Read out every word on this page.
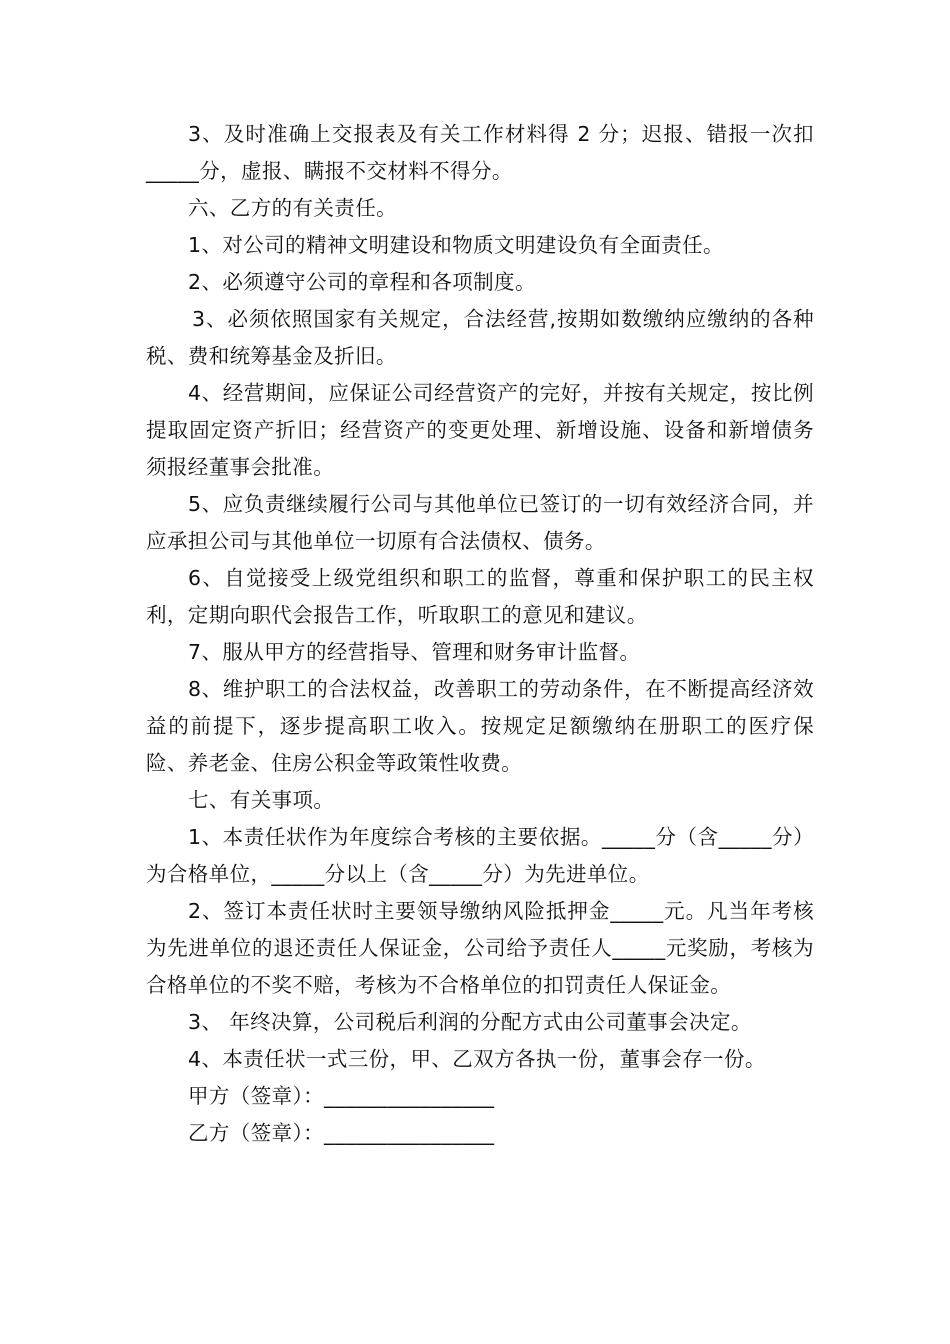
3、及时准确上交报表及有关工作材料得 2 分；迟报、错报一次扣_____分，虚报、瞒报不交材料不得分。

六、乙方的有关责任。

1、对公司的精神文明建设和物质文明建设负有全面责任。

2、必须遵守公司的章程和各项制度。

3、必须依照国家有关规定，合法经营,按期如数缴纳应缴纳的各种税、费和统筹基金及折旧。

4、经营期间，应保证公司经营资产的完好，并按有关规定，按比例提取固定资产折旧；经营资产的变更处理、新增设施、设备和新增债务须报经董事会批准。

5、应负责继续履行公司与其他单位已签订的一切有效经济合同，并应承担公司与其他单位一切原有合法债权、债务。

6、自觉接受上级党组织和职工的监督，尊重和保护职工的民主权利，定期向职代会报告工作，听取职工的意见和建议。

7、服从甲方的经营指导、管理和财务审计监督。

8、维护职工的合法权益，改善职工的劳动条件，在不断提高经济效益的前提下，逐步提高职工收入。按规定足额缴纳在册职工的医疗保险、养老金、住房公积金等政策性收费。

七、有关事项。

1、本责任状作为年度综合考核的主要依据。_____分（含_____分）为合格单位，_____分以上（含_____分）为先进单位。

2、签订本责任状时主要领导缴纳风险抵押金_____元。凡当年考核为先进单位的退还责任人保证金，公司给予责任人_____元奖励，考核为合格单位的不奖不赔，考核为不合格单位的扣罚责任人保证金。

3、 年终决算，公司税后利润的分配方式由公司董事会决定。

4、本责任状一式三份，甲、乙双方各执一份，董事会存一份。

甲方（签章）：________________

乙方（签章）：________________
